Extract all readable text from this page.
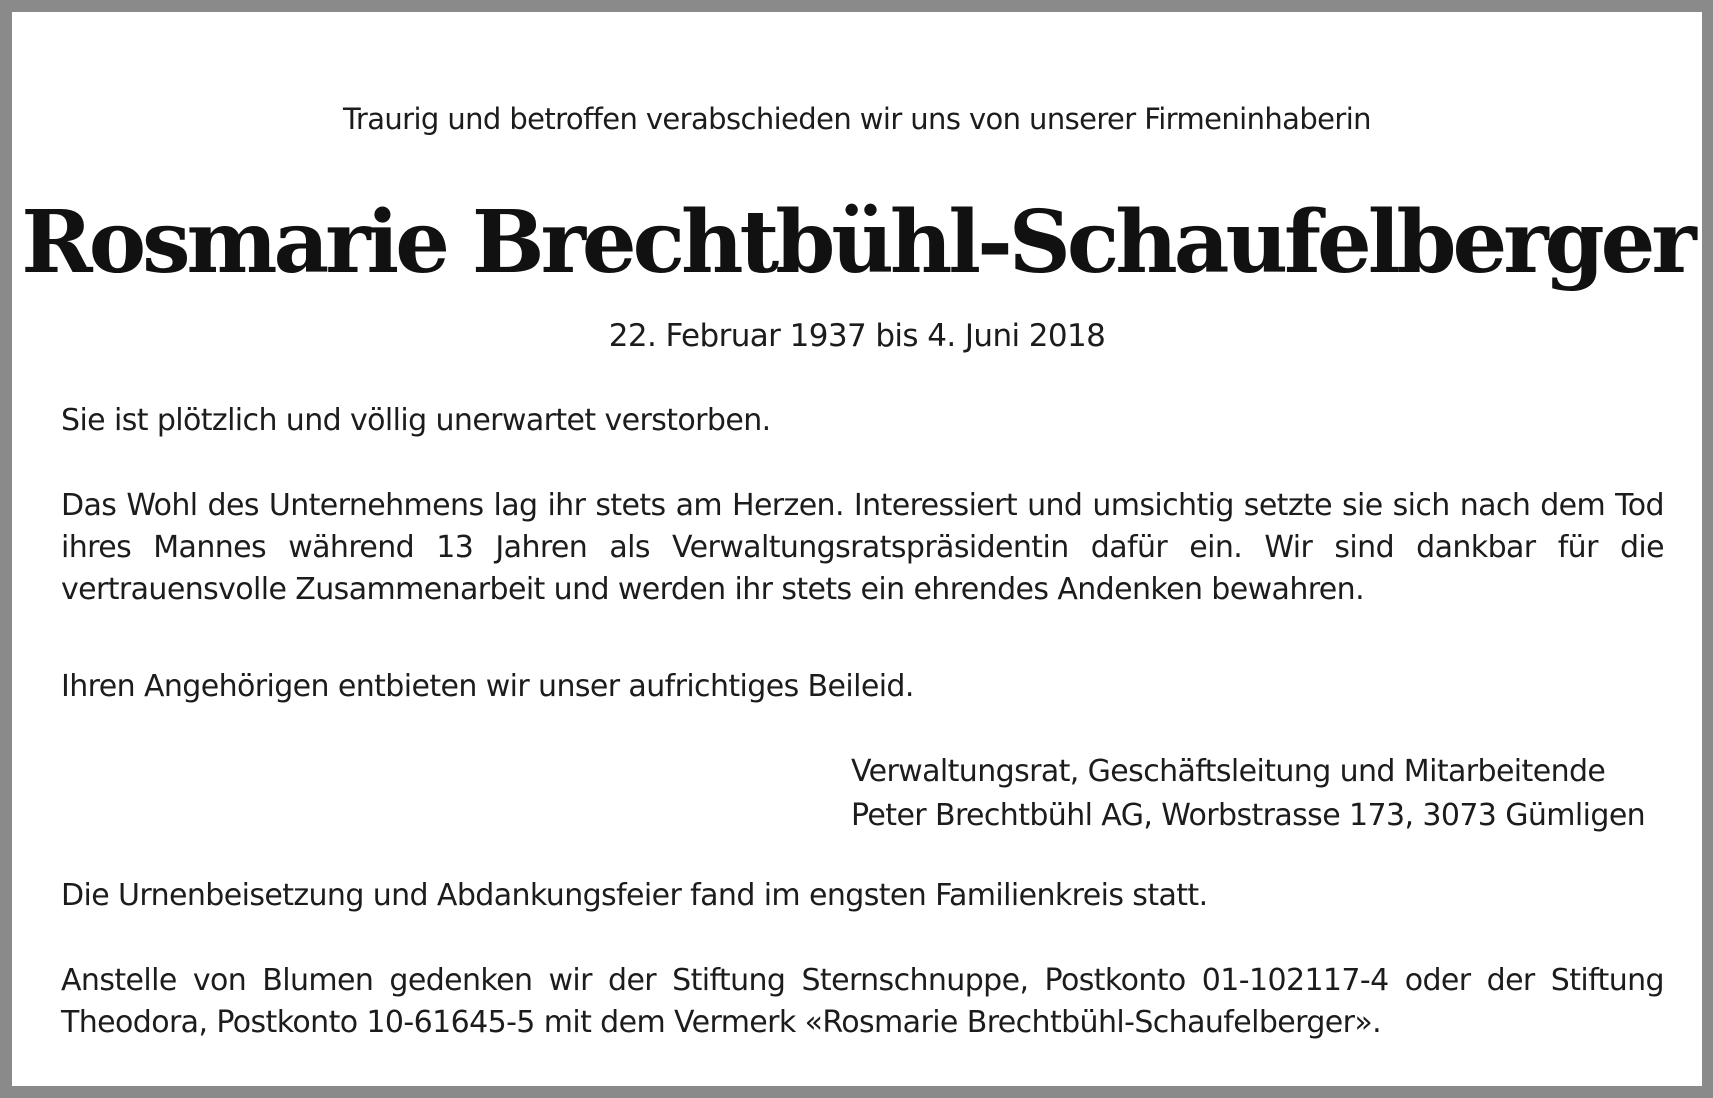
Traurig und betroffen verabschieden wir uns von unserer Firmeninhaberin
Rosmarie Brechtbühl-Schaufelberger
22. Februar 1937 bis 4. Juni 2018
Sie ist plötzlich und völlig unerwartet verstorben.
Das Wohl des Unternehmens lag ihr stets am Herzen. Interessiert und umsichtig setzte sie sich nach dem Tod ihres Mannes während 13 Jahren als Verwaltungsratspräsidentin dafür ein. Wir sind dankbar für die vertrauensvolle Zusammenarbeit und werden ihr stets ein ehrendes Andenken bewahren.
Ihren Angehörigen entbieten wir unser aufrichtiges Beileid.
Verwaltungsrat, Geschäftsleitung und Mitarbeitende
Peter Brechtbühl AG, Worbstrasse 173, 3073 Gümligen
Die Urnenbeisetzung und Abdankungsfeier fand im engsten Familienkreis statt.
Anstelle von Blumen gedenken wir der Stiftung Sternschnuppe, Postkonto 01-102117-4 oder der Stiftung Theodora, Postkonto 10-61645-5 mit dem Vermerk «Rosmarie Brechtbühl-Schaufelberger».
